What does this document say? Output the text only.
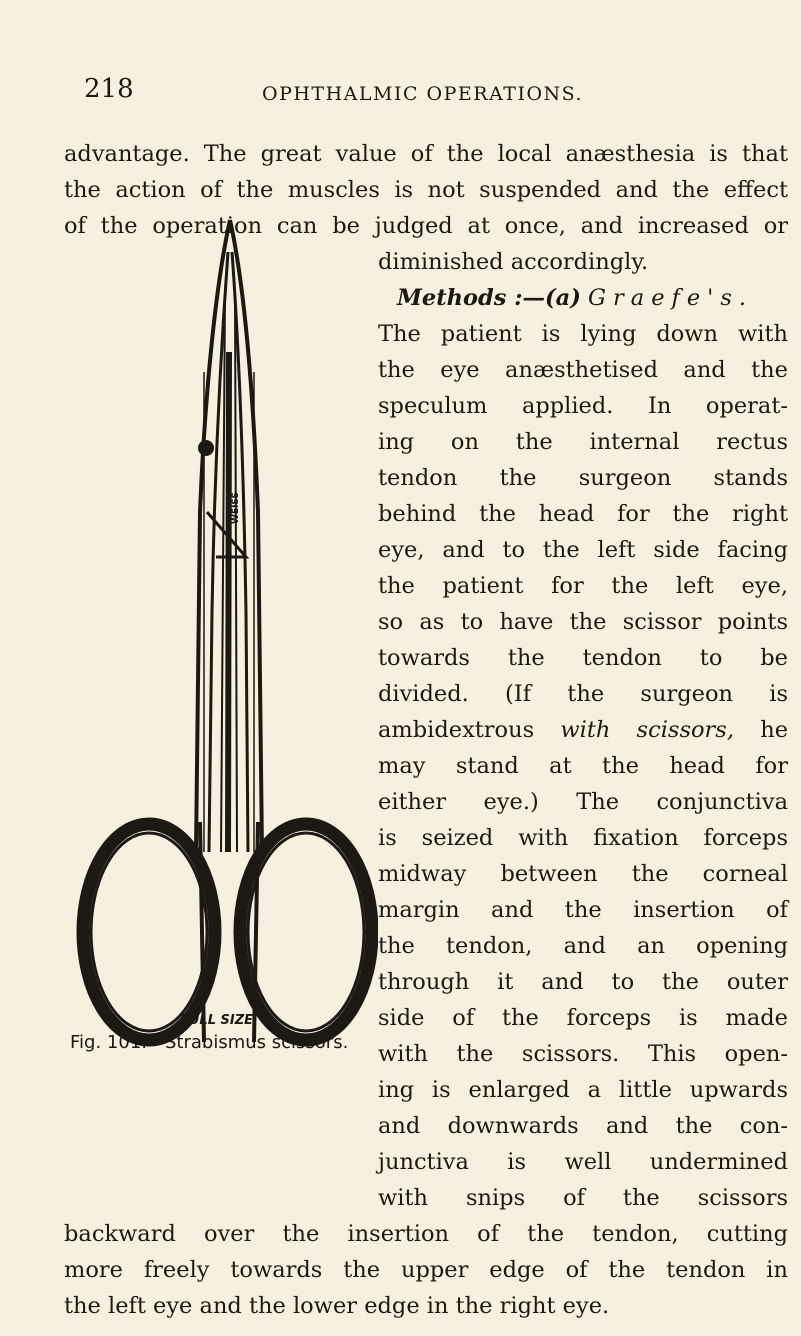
218	OPHTHALMIC OPERATIONS.
advantage. The great value of the local anæsthesia is that
the action of the muscles is not suspended and the effect
of the operation can be judged at once, and increased or
diminished accordingly.
Methods :—(a) Graefe's.
The patient is lying down with
the eye anæsthetised and the
speculum applied. In operat-
ing on the internal rectus
tendon the surgeon stands
behind the head for the right
eye, and to the left side facing
the patient for the left eye,
so as to have the scissor points
towards the tendon to be
divided. (If the surgeon is
ambidextrous with scissors, he
may stand at the head for
either eye.) The conjunctiva
is seized with fixation forceps
midway between the corneal
margin and the insertion of
the tendon, and an opening
through it and to the outer
side of the forceps is made
with the scissors. This open-
ing is enlarged a little upwards
and downwards and the con-
junctiva is well undermined
with snips of the scissors
backward over the insertion of the tendon, cutting
more freely towards the upper edge of the tendon in
the left eye and the lower edge in the right eye.
WEISS
FULL SIZE
Fig. 101.—Strabismus scissors.
